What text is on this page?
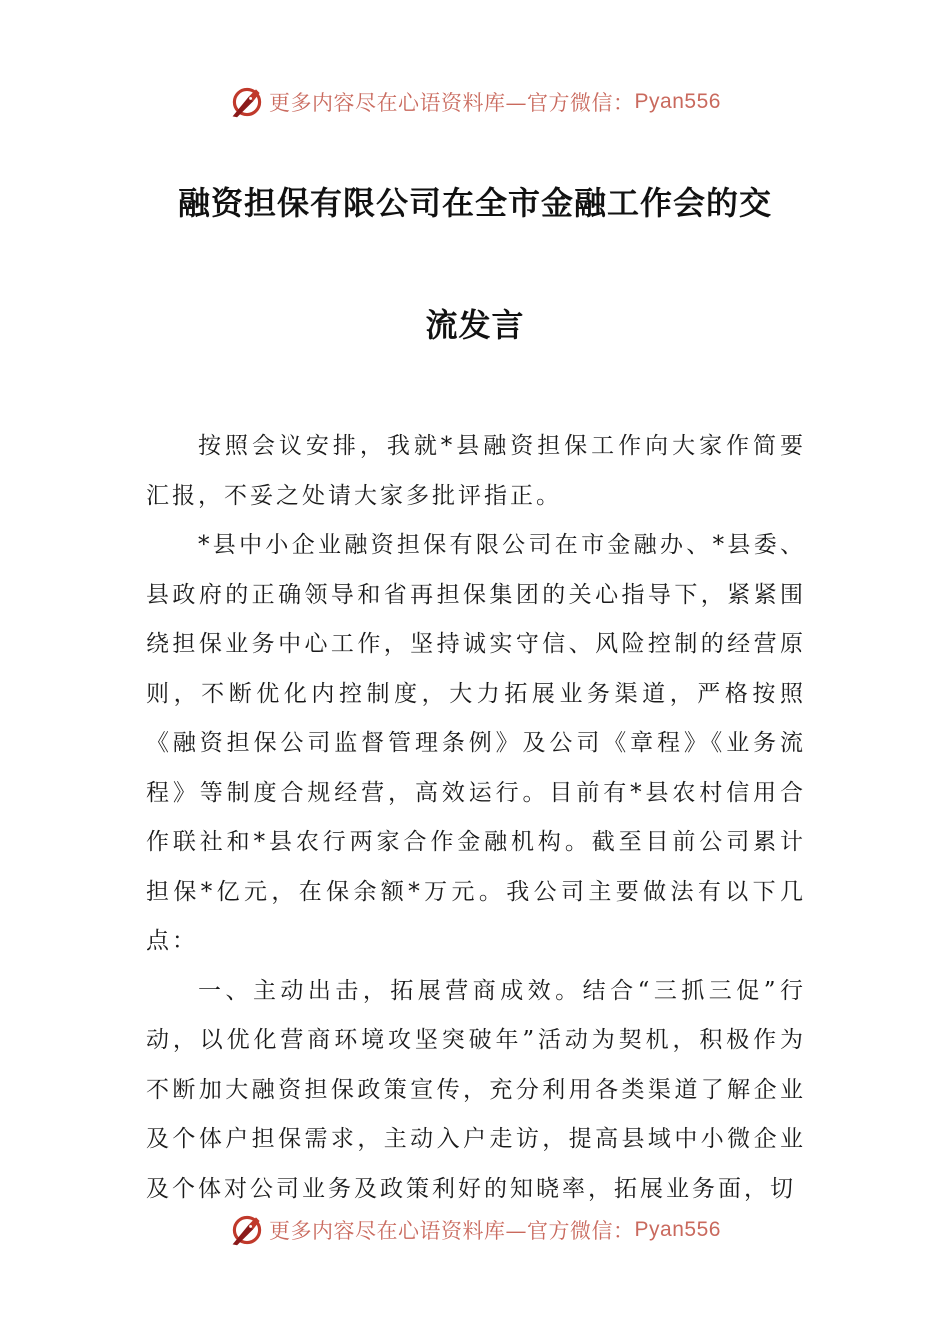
更多内容尽在心语资料库—官方微信： Pyan556
融资担保有限公司在全市金融工作会的交
流发言

按照会议安排，我就*县融资担保工作向大家作简要汇报，不妥之处请大家多批评指正。

*县中小企业融资担保有限公司在市金融办、*县委、县政府的正确领导和省再担保集团的关心指导下，紧紧围绕担保业务中心工作，坚持诚实守信、风险控制的经营原则，不断优化内控制度，大力拓展业务渠道，严格按照《融资担保公司监督管理条例》及公司《章程》《业务流程》等制度合规经营，高效运行。目前有*县农村信用合作联社和*县农行两家合作金融机构。截至目前公司累计担保*亿元，在保余额*万元。我公司主要做法有以下几点：

一、主动出击，拓展营商成效。结合“三抓三促”行动，以优化营商环境攻坚突破年”活动为契机，积极作为不断加大融资担保政策宣传，充分利用各类渠道了解企业及个体户担保需求，主动入户走访，提高县域中小微企业及个体对公司业务及政策利好的知晓率，拓展业务面，切

更多内容尽在心语资料库—官方微信： Pyan556
